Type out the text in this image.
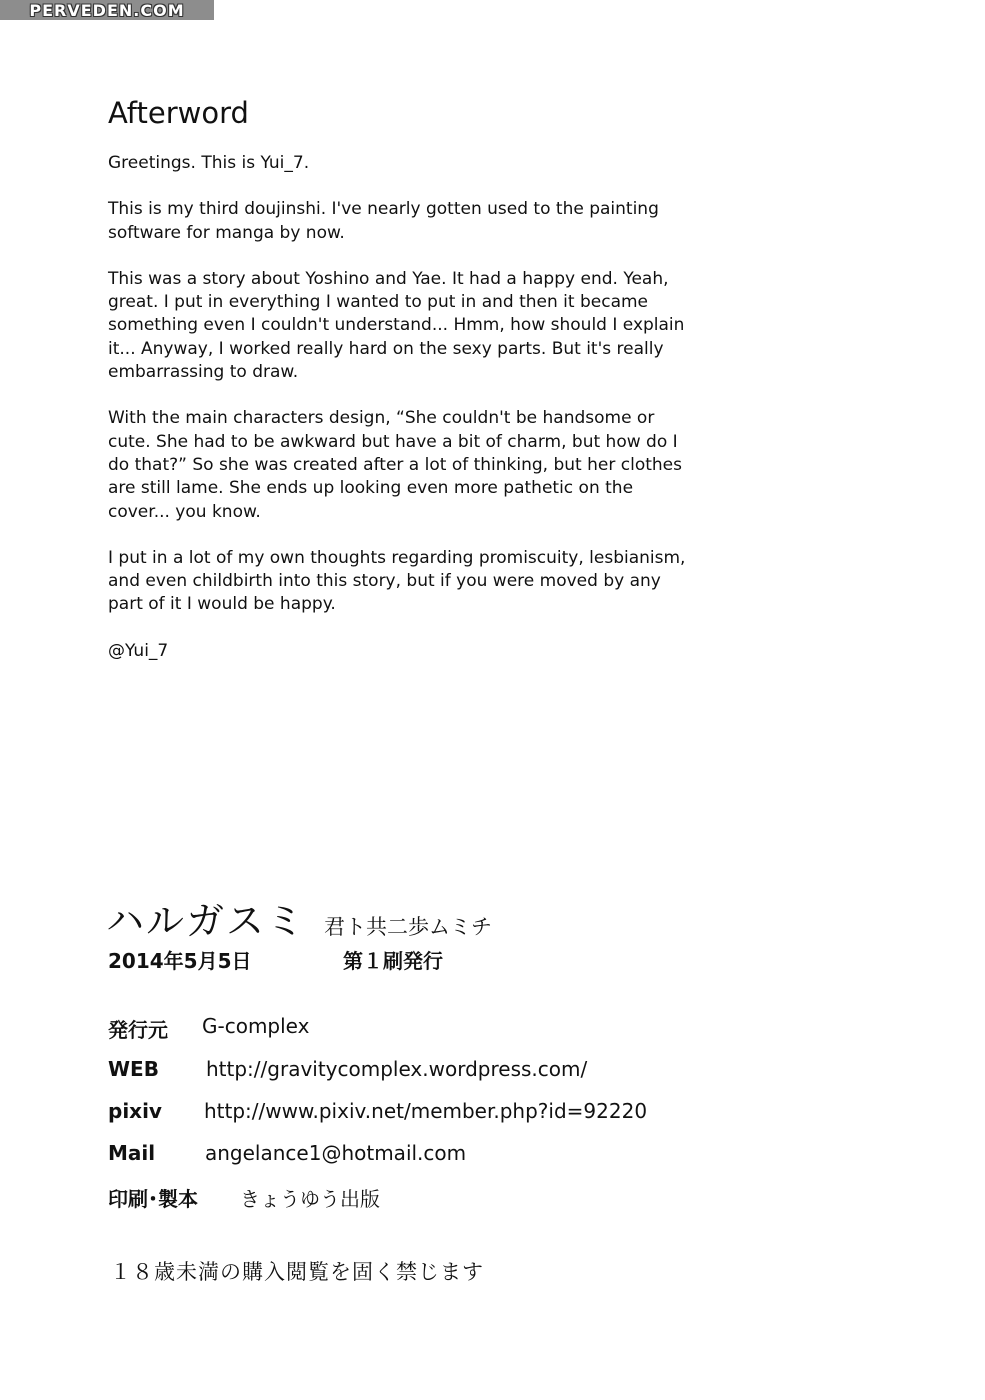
PERVEDEN.COM
Afterword

Greetings. This is Yui_7.

This is my third doujinshi. I've nearly gotten used to the painting software for manga by now.

This was a story about Yoshino and Yae. It had a happy end. Yeah, great. I put in everything I wanted to put in and then it became something even I couldn't understand... Hmm, how should I explain it... Anyway, I worked really hard on the sexy parts. But it's really embarrassing to draw.

With the main characters design, “She couldn't be handsome or cute. She had to be awkward but have a bit of charm, but how do I do that?” So she was created after a lot of thinking, but her clothes are still lame. She ends up looking even more pathetic on the cover... you know.

I put in a lot of my own thoughts regarding promiscuity, lesbianism, and even childbirth into this story, but if you were moved by any part of it I would be happy.

@Yui_7

ハルガスミ 君ト共二歩ムミチ
2014年5月5日	第１刷発行
発行元 G-complex
WEB http://gravitycomplex.wordpress.com/
pixiv http://www.pixiv.net/member.php?id=92220
Mail angelance1@hotmail.com
印刷･製本 きょうゆう出版
１８歳未満の購入閲覧を固く禁じます
